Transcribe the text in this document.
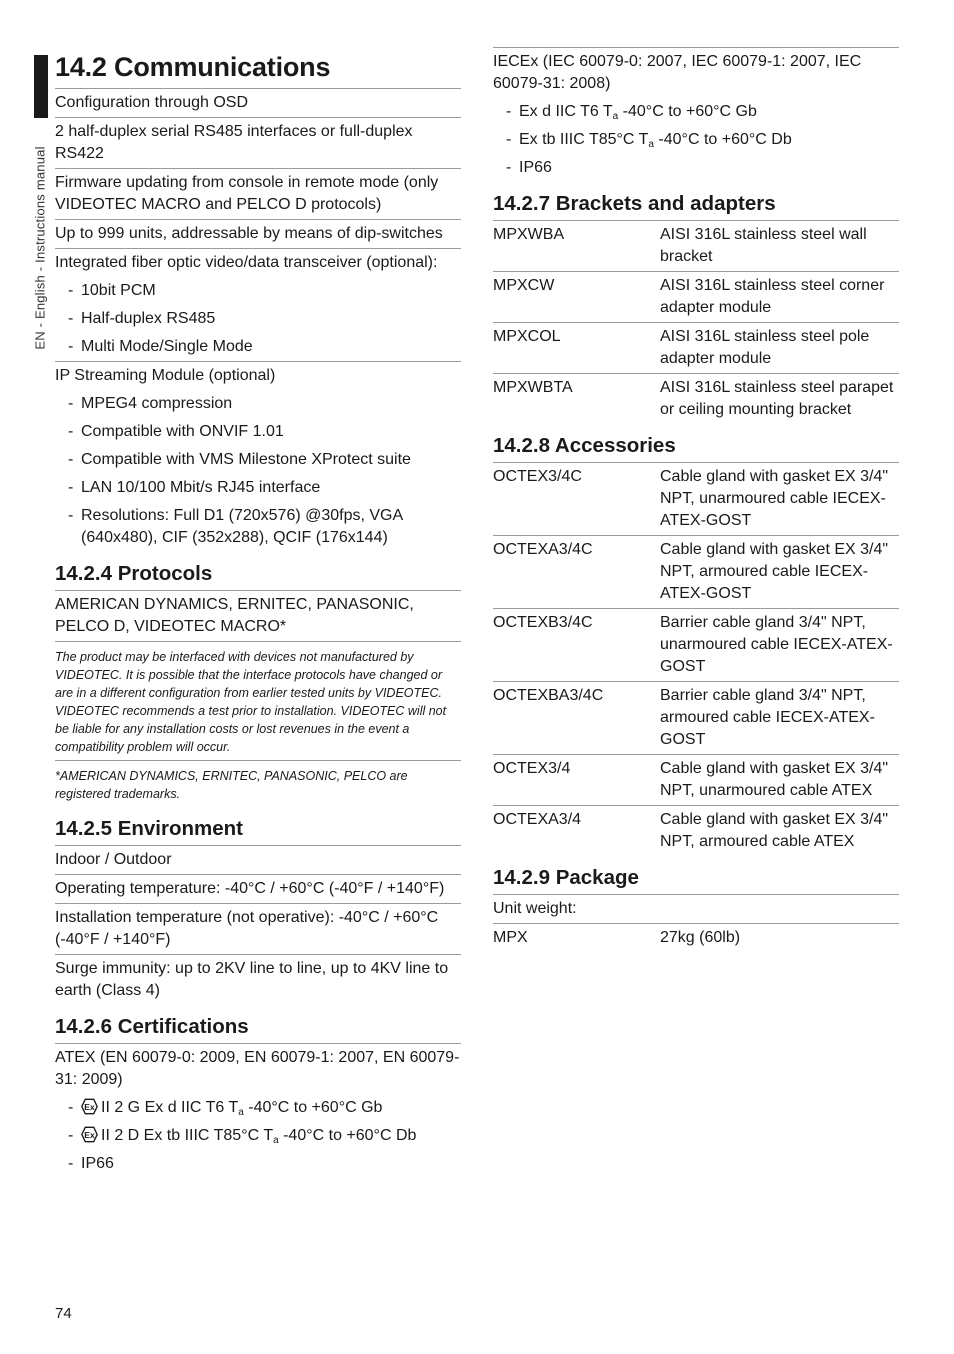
EN - English - Instructions manual
14.2 Communications
Configuration through OSD
2 half-duplex serial RS485 interfaces or full-duplex RS422
Firmware updating from console in remote mode (only VIDEOTEC MACRO and PELCO D protocols)
Up to 999 units, addressable by means of dip-switches
Integrated fiber optic video/data transceiver (optional):
- 10bit PCM
- Half-duplex RS485
- Multi Mode/Single Mode
IP Streaming Module (optional)
- MPEG4 compression
- Compatible with ONVIF 1.01
- Compatible with VMS Milestone XProtect suite
- LAN 10/100 Mbit/s RJ45 interface
- Resolutions: Full D1 (720x576) @30fps, VGA (640x480), CIF (352x288), QCIF (176x144)
14.2.4 Protocols
AMERICAN DYNAMICS, ERNITEC, PANASONIC, PELCO D, VIDEOTEC MACRO*
The product may be interfaced with devices not manufactured by VIDEOTEC. It is possible that the interface protocols have changed or are in a different configuration from earlier tested units by VIDEOTEC. VIDEOTEC recommends a test prior to installation. VIDEOTEC will not be liable for any installation costs or lost revenues in the event a compatibility problem will occur.
*AMERICAN DYNAMICS, ERNITEC, PANASONIC, PELCO are registered trademarks.
14.2.5 Environment
Indoor / Outdoor
Operating temperature: -40°C / +60°C (-40°F / +140°F)
Installation temperature (not operative): -40°C / +60°C (-40°F / +140°F)
Surge immunity: up to 2KV line to line, up to 4KV line to earth (Class 4)
14.2.6 Certifications
ATEX (EN 60079-0: 2009, EN 60079-1: 2007, EN 60079-31: 2009)
- Ex II 2 G Ex d IIC T6 $T_a$ -40°C to +60°C Gb
- Ex II 2 D Ex tb IIIC T85°C $T_a$ -40°C to +60°C Db
- IP66
IECEx (IEC 60079-0: 2007, IEC 60079-1: 2007, IEC 60079-31: 2008)
- Ex d IIC T6 $T_a$ -40°C to +60°C Gb
- Ex tb IIIC T85°C $T_a$ -40°C to +60°C Db
- IP66
14.2.7 Brackets and adapters
MPXWBA	AISI 316L stainless steel wall bracket
MPXCW	AISI 316L stainless steel corner adapter module
MPXCOL	AISI 316L stainless steel pole adapter module
MPXWBTA	AISI 316L stainless steel parapet or ceiling mounting bracket
14.2.8 Accessories
OCTEX3/4C	Cable gland with gasket EX 3/4" NPT, unarmoured cable IECEX-ATEX-GOST
OCTEXA3/4C	Cable gland with gasket EX 3/4" NPT, armoured cable IECEX-ATEX-GOST
OCTEXB3/4C	Barrier cable gland 3/4" NPT, unarmoured cable IECEX-ATEX-GOST
OCTEXBA3/4C	Barrier cable gland 3/4" NPT, armoured cable IECEX-ATEX-GOST
OCTEX3/4	Cable gland with gasket EX 3/4" NPT, unarmoured cable ATEX
OCTEXA3/4	Cable gland with gasket EX 3/4" NPT, armoured cable ATEX
14.2.9 Package
Unit weight:
MPX	27kg (60lb)
74
